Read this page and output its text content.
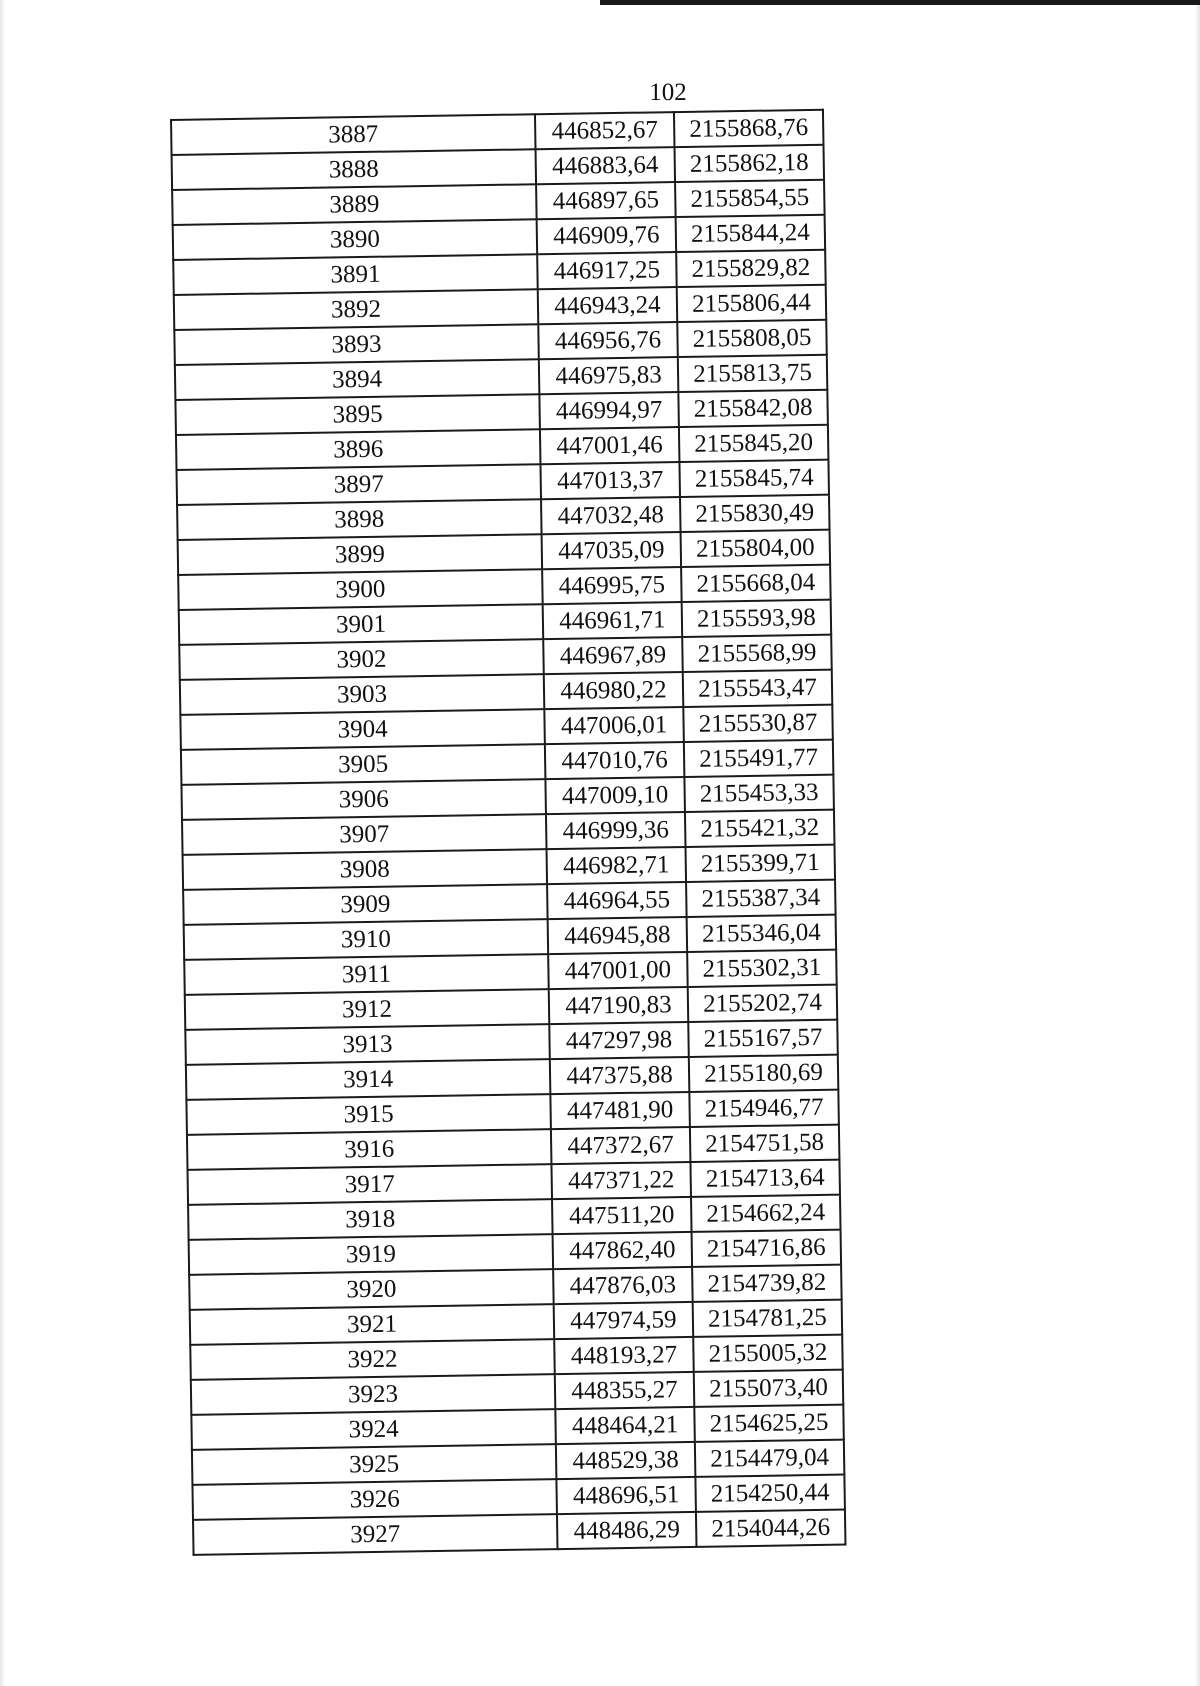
102
3887	446852,67	2155868,76
3888	446883,64	2155862,18
3889	446897,65	2155854,55
3890	446909,76	2155844,24
3891	446917,25	2155829,82
3892	446943,24	2155806,44
3893	446956,76	2155808,05
3894	446975,83	2155813,75
3895	446994,97	2155842,08
3896	447001,46	2155845,20
3897	447013,37	2155845,74
3898	447032,48	2155830,49
3899	447035,09	2155804,00
3900	446995,75	2155668,04
3901	446961,71	2155593,98
3902	446967,89	2155568,99
3903	446980,22	2155543,47
3904	447006,01	2155530,87
3905	447010,76	2155491,77
3906	447009,10	2155453,33
3907	446999,36	2155421,32
3908	446982,71	2155399,71
3909	446964,55	2155387,34
3910	446945,88	2155346,04
3911	447001,00	2155302,31
3912	447190,83	2155202,74
3913	447297,98	2155167,57
3914	447375,88	2155180,69
3915	447481,90	2154946,77
3916	447372,67	2154751,58
3917	447371,22	2154713,64
3918	447511,20	2154662,24
3919	447862,40	2154716,86
3920	447876,03	2154739,82
3921	447974,59	2154781,25
3922	448193,27	2155005,32
3923	448355,27	2155073,40
3924	448464,21	2154625,25
3925	448529,38	2154479,04
3926	448696,51	2154250,44
3927	448486,29	2154044,26
